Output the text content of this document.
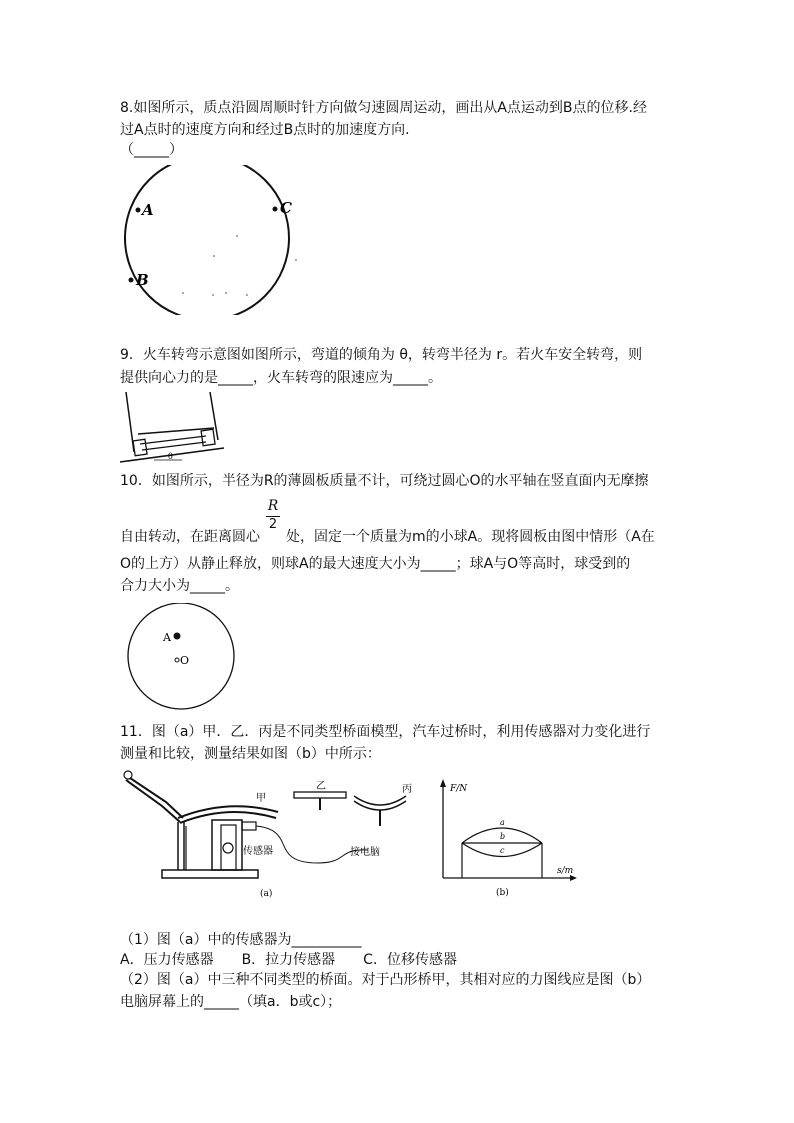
8.如图所示，质点沿圆周顺时针方向做匀速圆周运动，画出从A点运动到B点的位移.经
过A点时的速度方向和经过B点时的加速度方向.
（_____）
A	C
B
9．火车转弯示意图如图所示，弯道的倾角为 θ，转弯半径为 r。若火车安全转弯，则
提供向心力的是_____，火车转弯的限速应为_____。
θ
10．如图所示，半径为R的薄圆板质量不计，可绕过圆心O的水平轴在竖直面内无摩擦
$\frac{R}{2}$
自由转动，在距离圆心 处，固定一个质量为m的小球A。现将圆板由图中情形（A在
O的上方）从静止释放，则球A的最大速度大小为_____；球A与O等高时，球受到的
合力大小为_____。
A
O
11．图（a）甲．乙．丙是不同类型桥面模型，汽车过桥时，利用传感器对力变化进行
测量和比较，测量结果如图（b）中所示：
甲
传感器	接电脑
(a)
乙	丙	F/N
s/m
a
b
c
(b)
（1）图（a）中的传感器为__________
A．压力传感器　　B．拉力传感器　　C．位移传感器
（2）图（a）中三种不同类型的桥面。对于凸形桥甲，其相对应的力图线应是图（b）
电脑屏幕上的_____（填a．b或c）；
